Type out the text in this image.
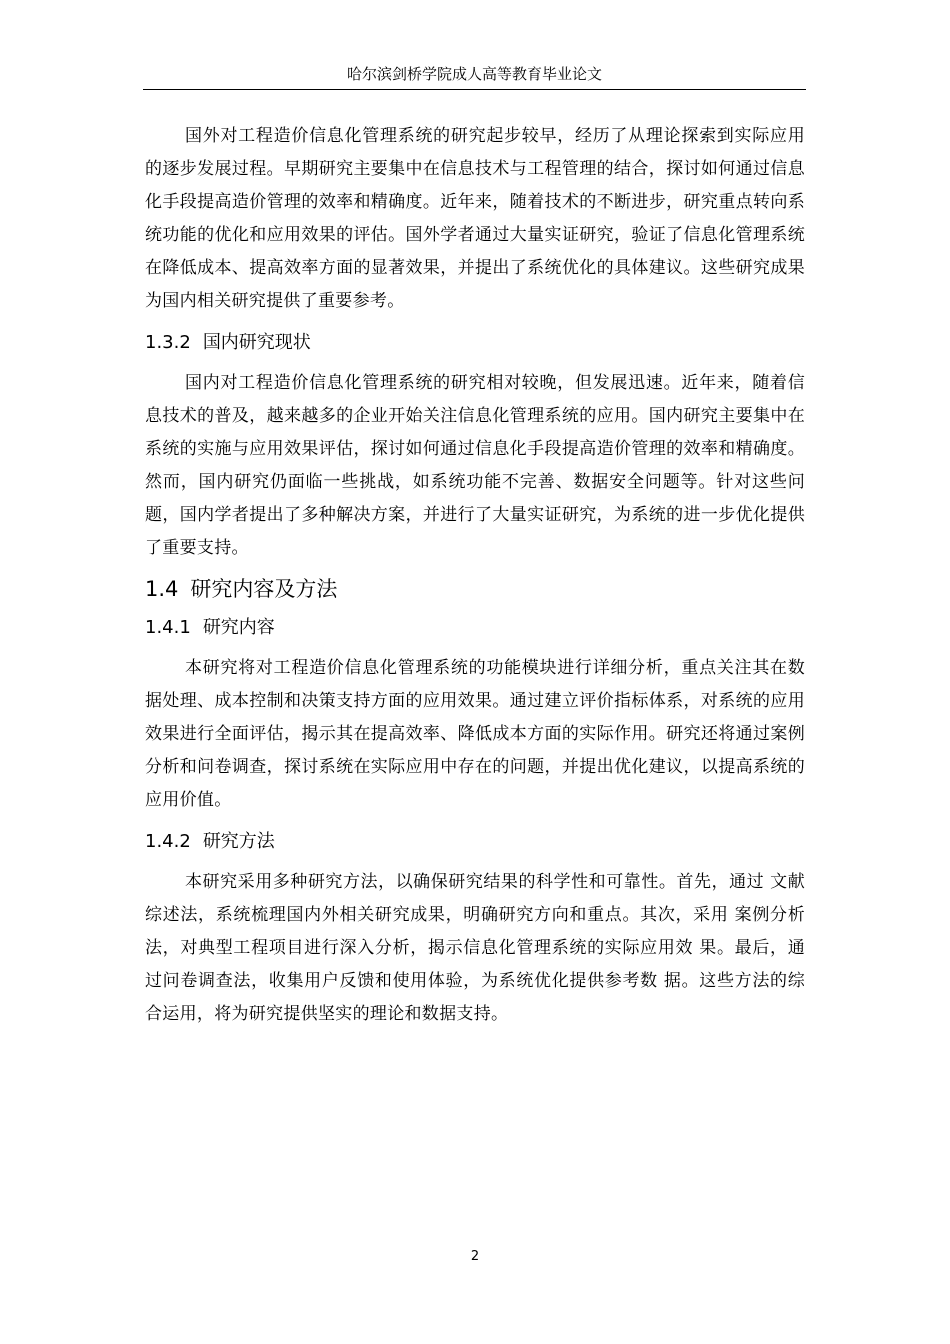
哈尔滨剑桥学院成人高等教育毕业论文

国外对工程造价信息化管理系统的研究起步较早，经历了从理论探索到实际应用的逐步发展过程。早期研究主要集中在信息技术与工程管理的结合，探讨如何通过信息化手段提高造价管理的效率和精确度。近年来，随着技术的不断进步，研究重点转向系统功能的优化和应用效果的评估。国外学者通过大量实证研究，验证了信息化管理系统在降低成本、提高效率方面的显著效果，并提出了系统优化的具体建议。这些研究成果为国内相关研究提供了重要参考。

1.3.2 国内研究现状

国内对工程造价信息化管理系统的研究相对较晚，但发展迅速。近年来，随着信息技术的普及，越来越多的企业开始关注信息化管理系统的应用。国内研究主要集中在系统的实施与应用效果评估，探讨如何通过信息化手段提高造价管理的效率和精确度。然而，国内研究仍面临一些挑战，如系统功能不完善、数据安全问题等。针对这些问题，国内学者提出了多种解决方案，并进行了大量实证研究，为系统的进一步优化提供了重要支持。

1.4 研究内容及方法
1.4.1 研究内容

本研究将对工程造价信息化管理系统的功能模块进行详细分析，重点关注其在数据处理、成本控制和决策支持方面的应用效果。通过建立评价指标体系，对系统的应用效果进行全面评估，揭示其在提高效率、降低成本方面的实际作用。研究还将通过案例分析和问卷调查，探讨系统在实际应用中存在的问题，并提出优化建议，以提高系统的应用价值。

1.4.2 研究方法

本研究采用多种研究方法，以确保研究结果的科学性和可靠性。首先，通过 文献综述法，系统梳理国内外相关研究成果，明确研究方向和重点。其次，采用 案例分析法，对典型工程项目进行深入分析，揭示信息化管理系统的实际应用效 果。最后，通过问卷调查法，收集用户反馈和使用体验，为系统优化提供参考数 据。这些方法的综合运用，将为研究提供坚实的理论和数据支持。

2
